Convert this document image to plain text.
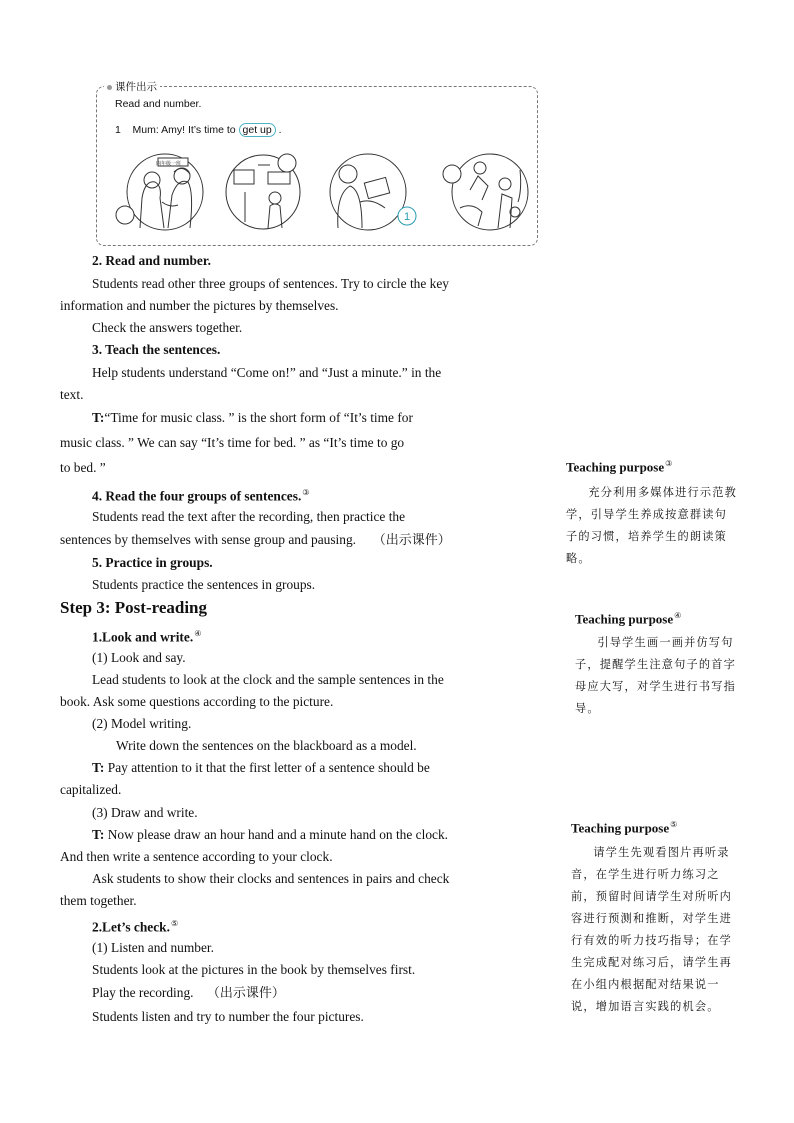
课件出示
Read and number.
1 Mum: Amy! It’s time to get up .
1
四年级一班
2. Read and number.
Students read other three groups of sentences. Try to circle the key
information and number the pictures by themselves.
Check the answers together.
3. Teach the sentences.
Help students understand “Come on!” and “Just a minute.” in the
text.
T:“Time for music class. ” is the short form of “It’s time for
music class. ” We can say “It’s time for bed. ” as “It’s time to go
to bed. ”
4. Read the four groups of sentences.③
Students read the text after the recording, then practice the
sentences by themselves with sense group and pausing. （出示课件）
5. Practice in groups.
Students practice the sentences in groups.
Step 3: Post-reading
1.Look and write.④
(1) Look and say.
Lead students to look at the clock and the sample sentences in the
book. Ask some questions according to the picture.
(2) Model writing.
Write down the sentences on the blackboard as a model.
T: Pay attention to it that the first letter of a sentence should be
capitalized.
(3) Draw and write.
T: Now please draw an hour hand and a minute hand on the clock.
And then write a sentence according to your clock.
Ask students to show their clocks and sentences in pairs and check
them together.
2.Let’s check.⑤
(1) Listen and number.
Students look at the pictures in the book by themselves first.
Play the recording. （出示课件）
Students listen and try to number the four pictures.
Teaching purpose③
充分利用多媒体进行示范教学，引导学生养成按意群读句子的习惯，培养学生的朗读策略。
Teaching purpose④
引导学生画一画并仿写句子，提醒学生注意句子的首字母应大写，对学生进行书写指导。
Teaching purpose⑤
请学生先观看图片再听录音，在学生进行听力练习之前，预留时间请学生对所听内容进行预测和推断，对学生进行有效的听力技巧指导；在学生完成配对练习后，请学生再在小组内根据配对结果说一说，增加语言实践的机会。
